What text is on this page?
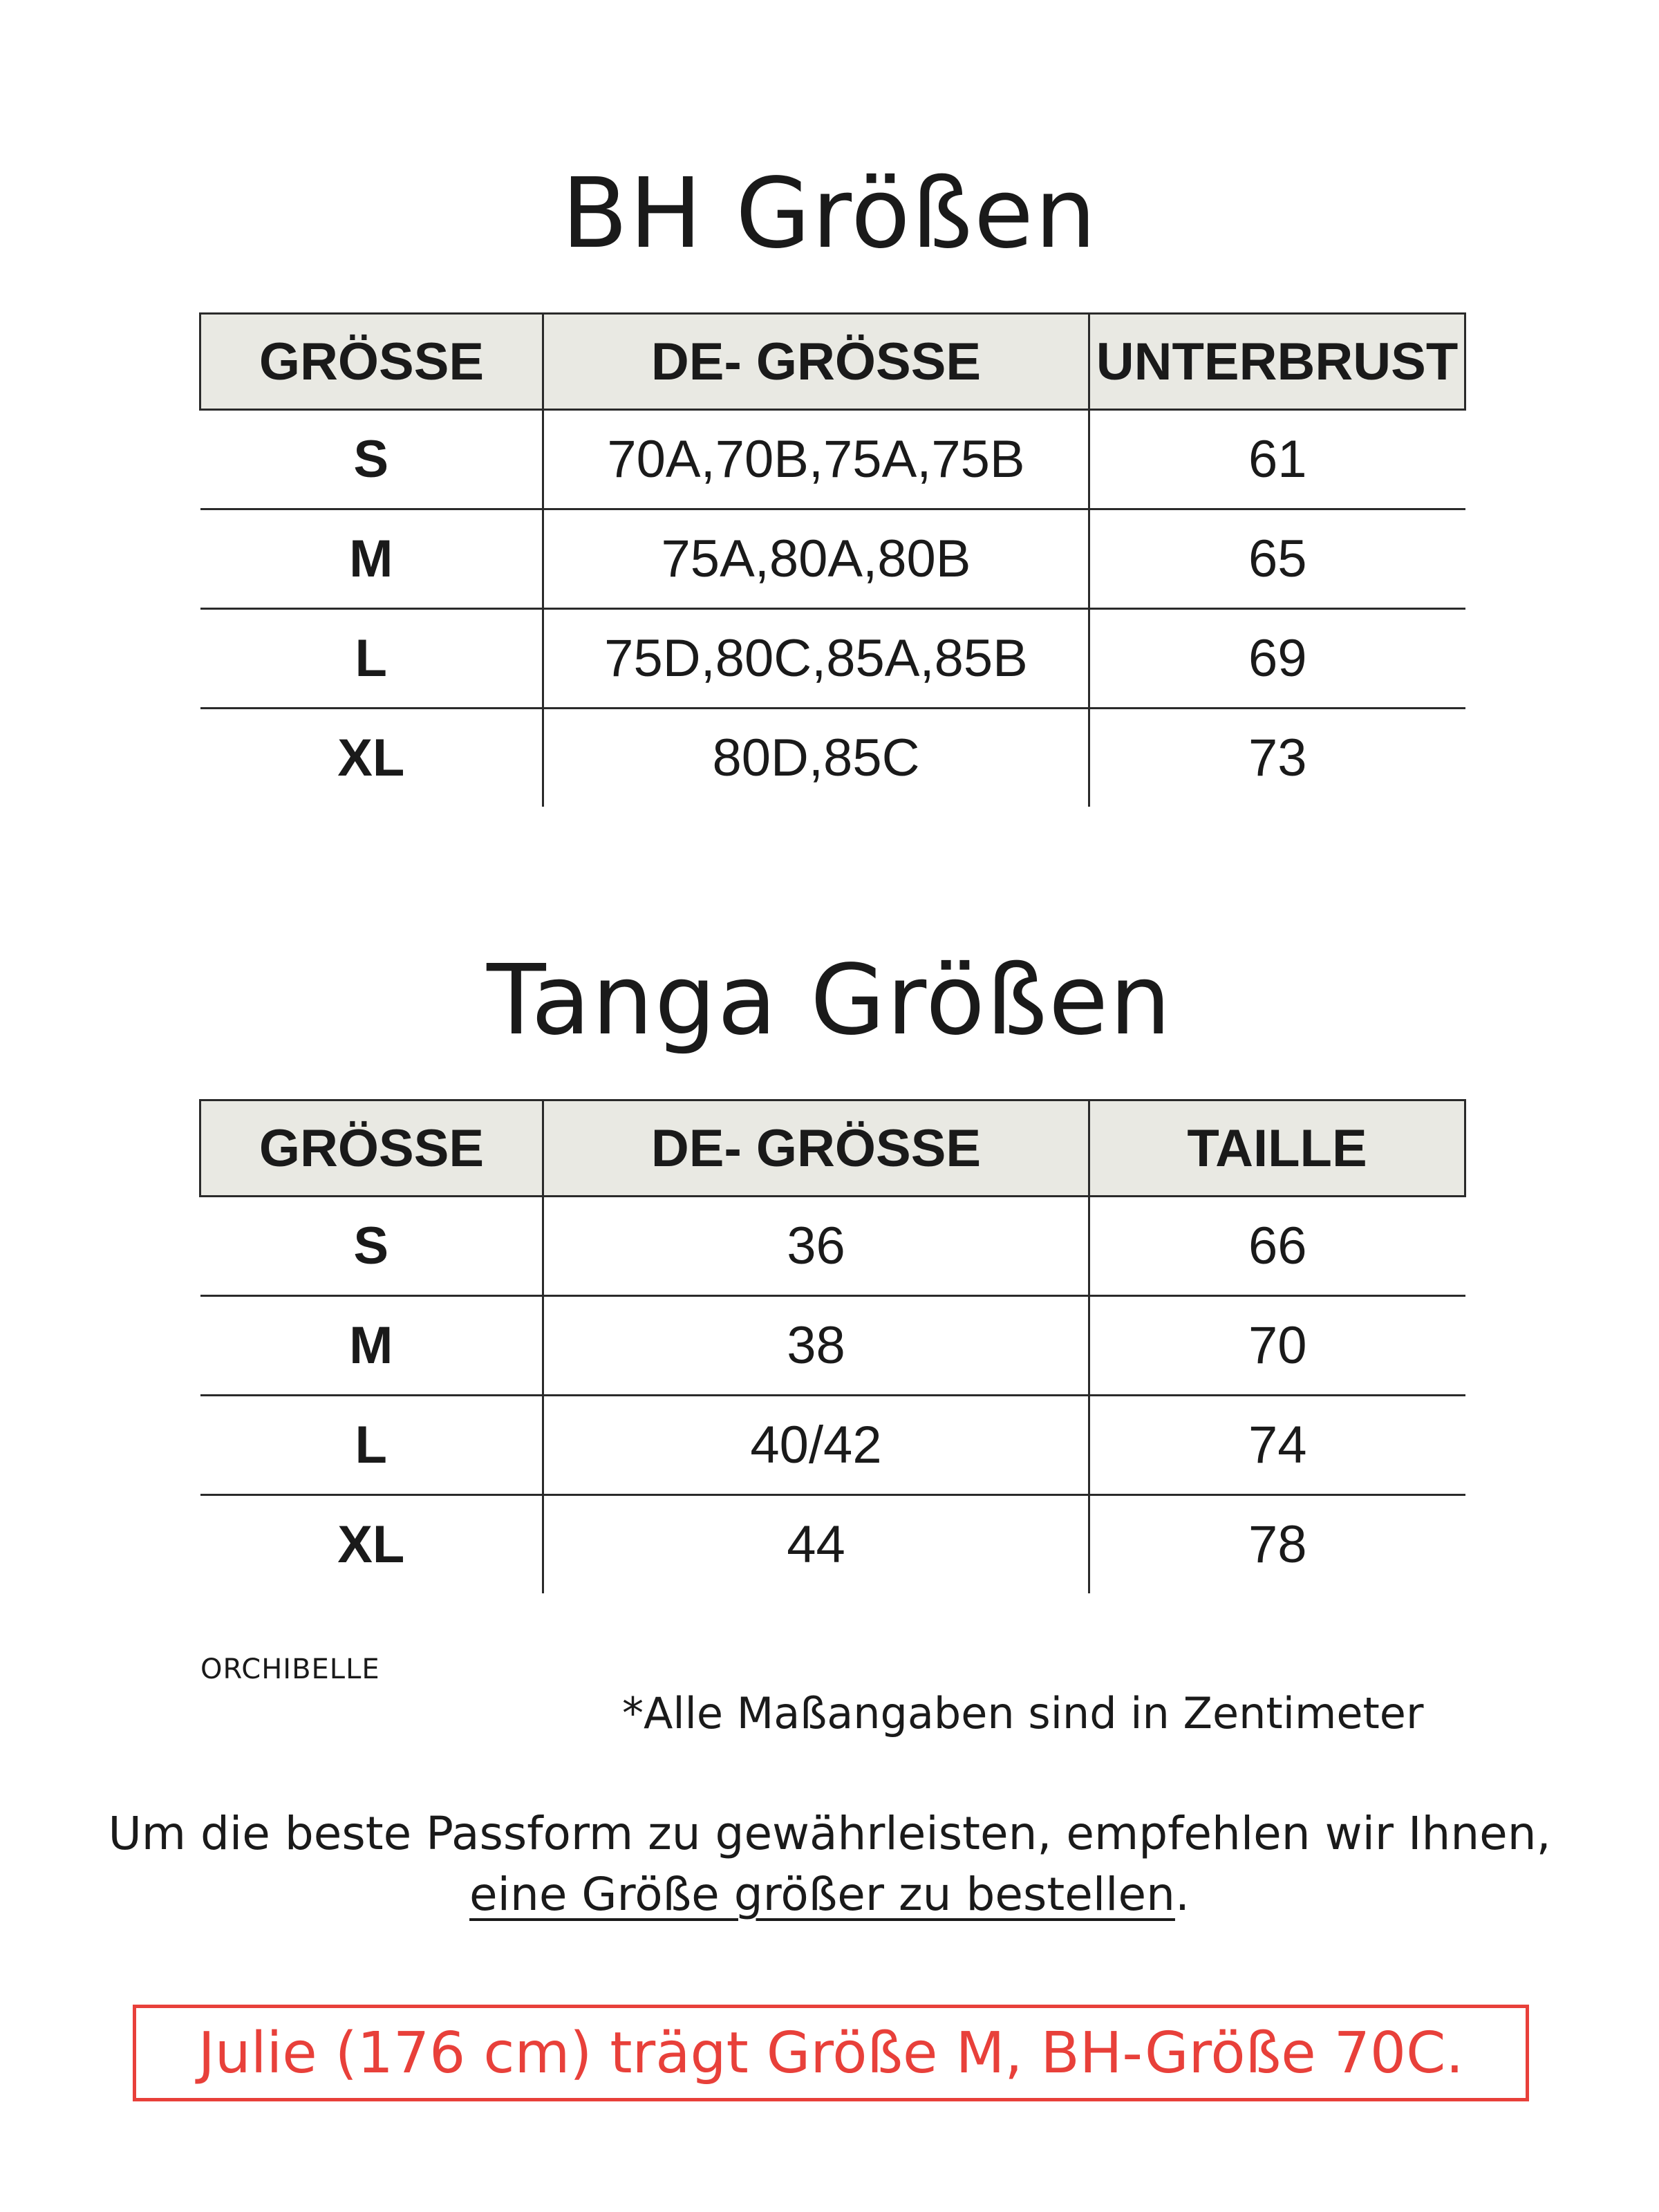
BH Größen
GRÖSSE	DE- GRÖSSE	UNTERBRUST
S	70A,70B,75A,75B	61
M	75A,80A,80B	65
L	75D,80C,85A,85B	69
XL	80D,85C	73
Tanga Größen
GRÖSSE	DE- GRÖSSE	TAILLE
S	36	66
M	38	70
L	40/42	74
XL	44	78
ORCHIBELLE
*Alle Maßangaben sind in Zentimeter
Um die beste Passform zu gewährleisten, empfehlen wir Ihnen,
eine Größe größer zu bestellen.
Julie (176 cm) trägt Größe M, BH-Größe 70C.
